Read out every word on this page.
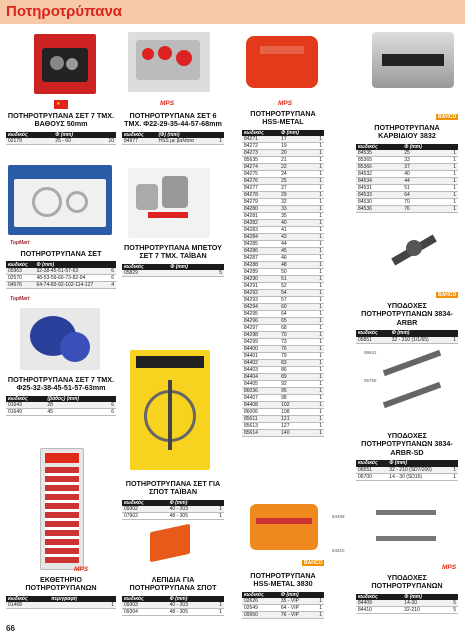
Ποτηροτρύπανα
★
ΠΟΤΗΡΟΤΡΥΠΑΝΑ ΣΕΤ 7 ΤΜΧ. ΒΑΘΟΥΣ 50mm
κωδικός	Φ (mm)	
02179	25 - 60	10
TopMart
ΠΟΤΗΡΟΤΡΥΠΑΝΑ ΣΕΤ
κωδικός	Φ (mm)	
05963	32-38-45-51-57-63	6
02570	48-53-59-66-73-82-94	6
04576	64-74-83-92-102-114-127	4
TopMart
ΠΟΤΗΡΟΤΡΥΠΑΝΑ ΣΕΤ 7 ΤΜΧ. Φ25-32-38-45-51-57-63mm
κωδικός	(βάθος) (mm)	
01643	28	6
01649	45	6
ΕΚΘΕΤΗΡΙΟ ΠΟΤΗΡΟΤΡΥΠΑΝΩΝ
κωδικός	περιγραφή	
01468		1
MPS
66
MPS
ΠΟΤΗΡΟΤΡΥΠΑΝΑ ΣΕΤ 6 ΤΜΧ. Φ22-29-35-44-57-68mm
κωδικός	(Φ) (mm)	
84977	HSS με βαλίτσα	1
ΠΟΤΗΡΟΤΡΥΠΑΝΑ ΜΠΕΤΟΥ ΣΕΤ 7 ΤΜΧ. ΤΑΪΒΑΝ
κωδικός	Φ (mm)	
05829		5
ΠΟΤΗΡΟΤΡΥΠΑΝΑ ΣΕΤ ΓΙΑ ΣΠΟΤ ΤΑΪΒΑΝ
κωδικός	Φ (mm)	
09302	40 - 203	1
07902	48 - 305	1
ΛΕΠΙΔΙΑ ΓΙΑ ΠΟΤΗΡΟΤΡΥΠΑΝΑ ΣΠΟΤ
κωδικός	Φ (mm)	
09303	40 - 203	1
09304	48 - 305	1
MPS
ΠΟΤΗΡΟΤΡΥΠΑΝΑ HSS-METAL
κωδικός	Φ (mm)	
84271	17	1
84272	19	1
84273	20	1
85635	21	1
84274	22	1
84275	24	1
84276	25	1
84277	27	1
84278	29	1
84279	32	1
84280	33	1
84281	35	1
84282	40	1
84283	41	1
84284	43	1
84285	44	1
84286	45	1
84287	46	1
84288	48	1
84289	50	1
84290	51	1
84291	52	1
84292	54	1
84293	57	1
84294	60	1
84295	64	1
84296	65	1
84297	68	1
84298	70	1
84299	73	1
84400	76	1
84401	79	1
84402	83	1
84403	86	1
84404	89	1
84405	92	1
86036	95	1
84407	98	1
84408	102	1
86006	108	1
85611	121	1
85613	127	1
85614	140	1
BAHCO
ΠΟΤΗΡΟΤΡΥΠΑΝΑ HSS-METAL 3830
κωδικός	Φ (mm)	
02626	35 - VIP	1
02649	64 - VIP	1
09950	76 - VIP	1
BAHCO
ΠΟΤΗΡΟΤΡΥΠΑΝΑ ΚΑΡΒΙΔΙΟΥ 3832
κωδικός	Φ (mm)	
84535	25	1
85365	33	1
85366	37	1
84532	40	1
84534	44	1
84531	51	1
84533	64	1
84530	70	1
84536	76	1
BAHCO
ΥΠΟΔΟΧΕΣ ΠΟΤΗΡΟΤΡΥΠΑΝΩΝ 3834-ARBR
κωδικός	Φ (mm)	
05851	32 - 210 (1/1/65)	1
06641
05755
ΥΠΟΔΟΧΕΣ ΠΟΤΗΡΟΤΡΥΠΑΝΩΝ 3834-ARBR-SD
κωδικός	Φ (mm)	
06551	32 - 210 (SD7/200)	1
06700	14 - 30 (SD16)	1
84408
84410
MPS
ΥΠΟΔΟΧΕΣ ΠΟΤΗΡΟΤΡΥΠΑΝΩΝ
κωδικός	Φ (mm)	
84409	14-30	5
84410	32-210	5
